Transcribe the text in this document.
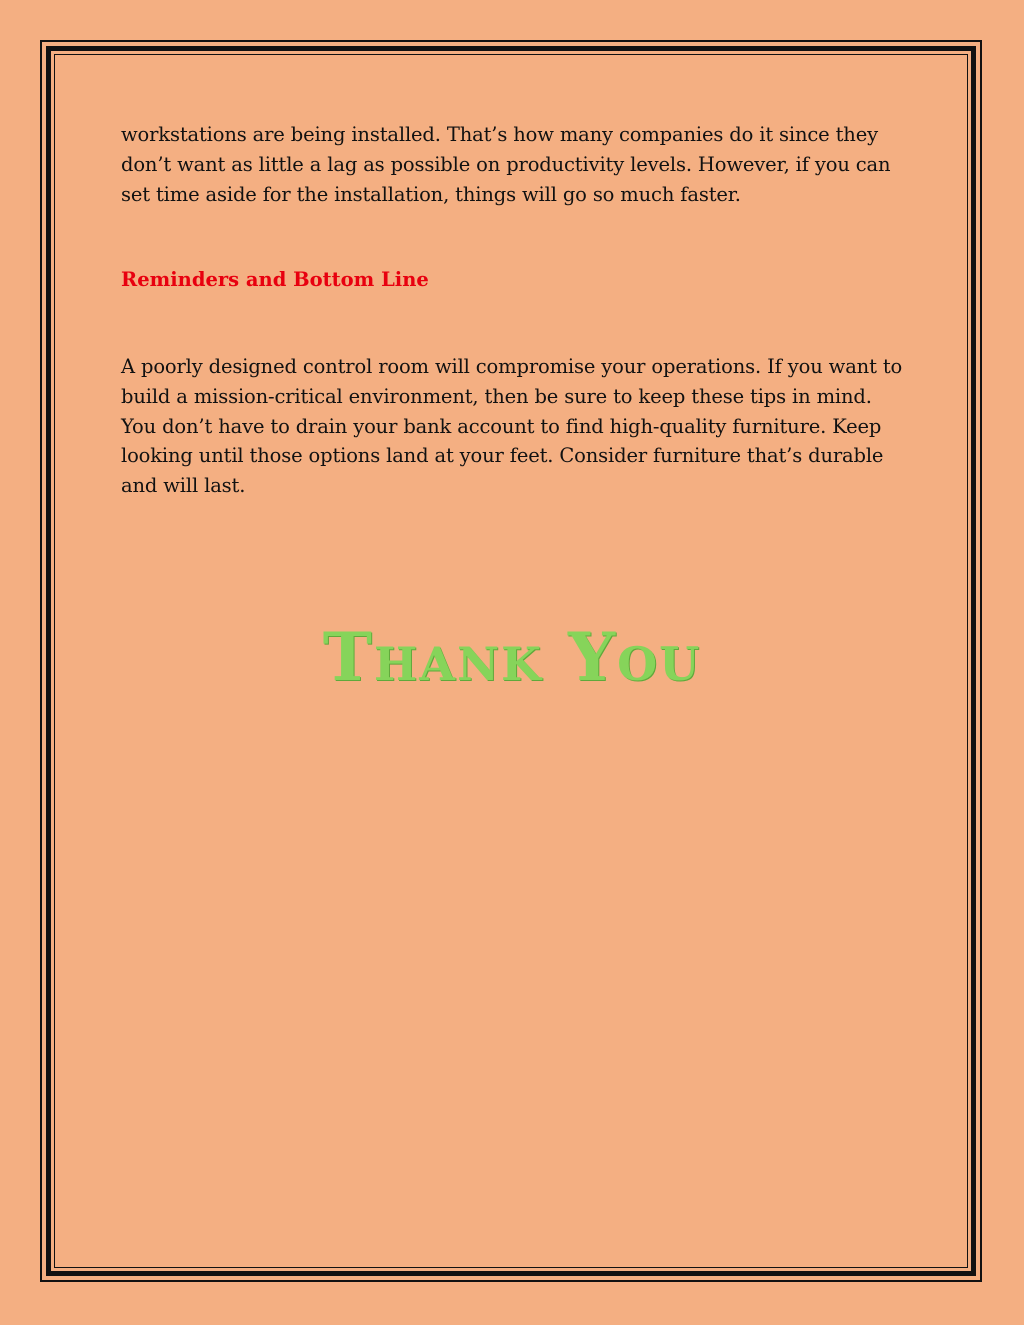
workstations are being installed. That’s how many companies do it since they don’t want as little a lag as possible on productivity levels. However, if you can set time aside for the installation, things will go so much faster.

Reminders and Bottom Line

A poorly designed control room will compromise your operations. If you want to build a mission-critical environment, then be sure to keep these tips in mind. You don’t have to drain your bank account to find high-quality furniture. Keep looking until those options land at your feet. Consider furniture that’s durable and will last.

Thank You
